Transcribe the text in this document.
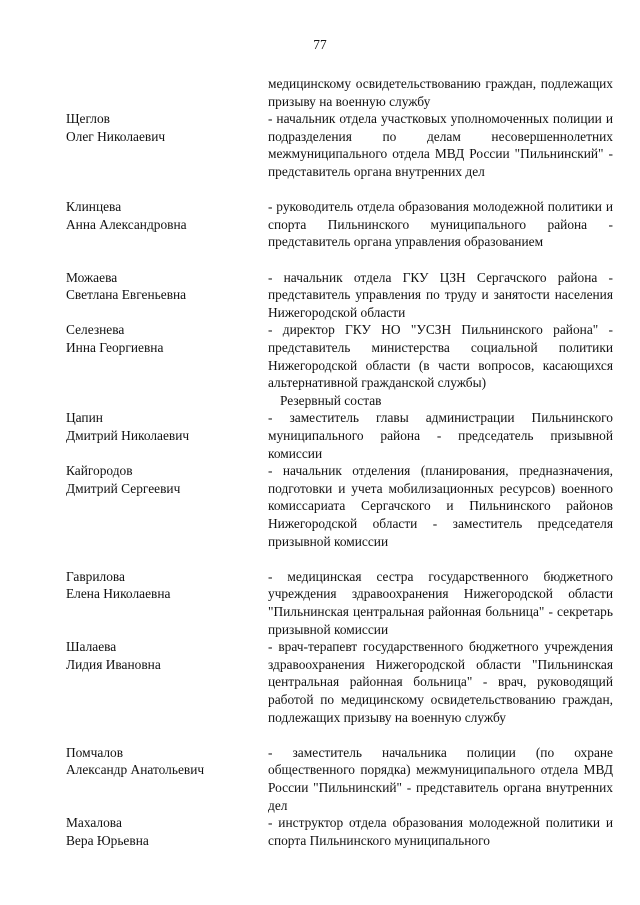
77
медицинскому освидетельствованию граждан, подлежащих призыву на военную службу
Щеглов
Олег Николаевич
- начальник отдела участковых уполномоченных полиции и подразделения по делам несовершеннолетних межмуниципального отдела МВД России "Пильнинский" - представитель органа внутренних дел
Клинцева
Анна Александровна
- руководитель отдела образования молодежной политики и спорта Пильнинского муниципального района - представитель органа управления образованием
Можаева
Светлана Евгеньевна
- начальник отдела ГКУ ЦЗН Сергачского района - представитель управления по труду и занятости населения Нижегородской области
Селезнева
Инна Георгиевна
- директор ГКУ НО "УСЗН Пильнинского района" - представитель министерства социальной политики Нижегородской области (в части вопросов, касающихся альтернативной гражданской службы)
Резервный состав
Цапин
Дмитрий Николаевич
- заместитель главы администрации Пильнинского муниципального района - председатель призывной комиссии
Кайгородов
Дмитрий Сергеевич
- начальник отделения (планирования, предназначения, подготовки и учета мобилизационных ресурсов) военного комиссариата Сергачского и Пильнинского районов Нижегородской области - заместитель председателя призывной комиссии
Гаврилова
Елена Николаевна
- медицинская сестра государственного бюджетного учреждения здравоохранения Нижегородской области "Пильнинская центральная районная больница" - секретарь призывной комиссии
Шалаева
Лидия Ивановна
- врач-терапевт государственного бюджетного учреждения здравоохранения Нижегородской области "Пильнинская центральная районная больница" - врач, руководящий работой по медицинскому освидетельствованию граждан, подлежащих призыву на военную службу
Помчалов
Александр Анатольевич
- заместитель начальника полиции (по охране общественного порядка) межмуниципального отдела МВД России "Пильнинский" - представитель органа внутренних дел
Махалова
Вера Юрьевна
- инструктор отдела образования молодежной политики и спорта Пильнинского муниципального
